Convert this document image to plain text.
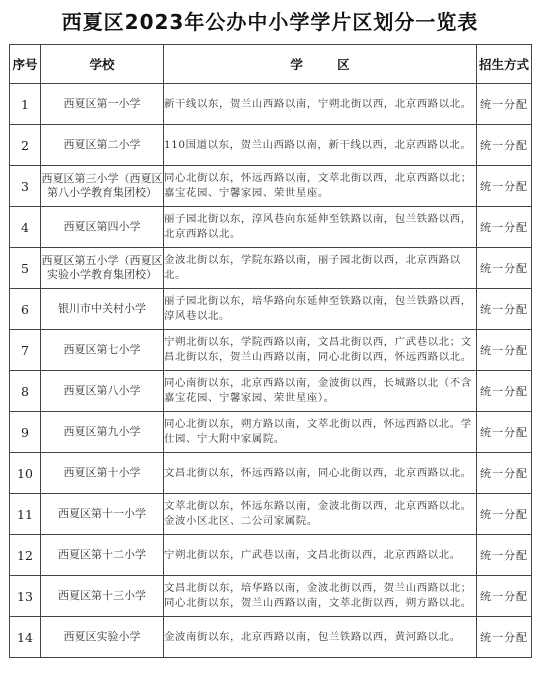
西夏区2023年公办中小学学片区划分一览表
序号	学校	学 区	招生方式
1	西夏区第一小学	新干线以东，贺兰山西路以南，宁朔北街以西，北京西路以北。	统一分配
2	西夏区第二小学	110国道以东，贺兰山西路以南，新干线以西，北京西路以北。	统一分配
3	西夏区第三小学（西夏区第八小学教育集团校）	同心北街以东，怀远西路以南，文萃北街以西，北京西路以北；嘉宝花园、宁馨家园、荣世星座。	统一分配
4	西夏区第四小学	丽子园北街以东，淳风巷向东延伸至铁路以南，包兰铁路以西，北京西路以北。	统一分配
5	西夏区第五小学（西夏区实验小学教育集团校）	金波北街以东，学院东路以南，丽子园北街以西，北京西路以北。	统一分配
6	银川市中关村小学	丽子园北街以东，培华路向东延伸至铁路以南，包兰铁路以西，淳风巷以北。	统一分配
7	西夏区第七小学	宁朔北街以东，学院西路以南，文昌北街以西，广武巷以北；文昌北街以东，贺兰山西路以南，同心北街以西，怀远西路以北。	统一分配
8	西夏区第八小学	同心南街以东，北京西路以南，金波街以西，长城路以北（不含嘉宝花园、宁馨家园、荣世星座）。	统一分配
9	西夏区第九小学	同心北街以东，朔方路以南，文萃北街以西，怀远西路以北。学仕园、宁大附中家属院。	统一分配
10	西夏区第十小学	文昌北街以东，怀远西路以南，同心北街以西，北京西路以北。	统一分配
11	西夏区第十一小学	文萃北街以东，怀远东路以南，金波北街以西，北京西路以北。金波小区北区、二公司家属院。	统一分配
12	西夏区第十二小学	宁朔北街以东，广武巷以南，文昌北街以西，北京西路以北。	统一分配
13	西夏区第十三小学	文昌北街以东，培华路以南，金波北街以西，贺兰山西路以北；同心北街以东，贺兰山西路以南，文萃北街以西，朔方路以北。	统一分配
14	西夏区实验小学	金波南街以东，北京西路以南，包兰铁路以西，黄河路以北。	统一分配
